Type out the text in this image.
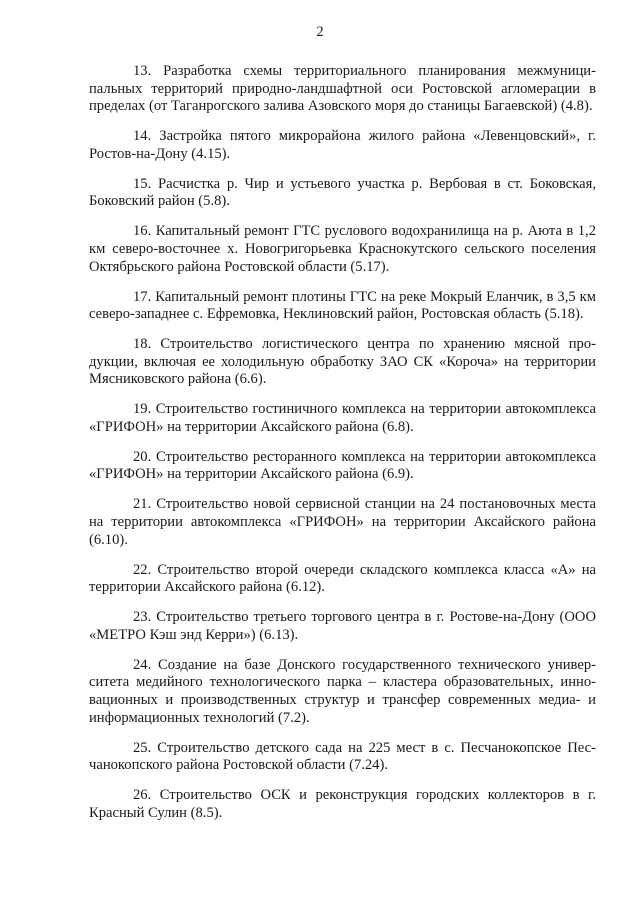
2

13. Разработка схемы территориального планирования межмуниципальных территорий природно-ландшафтной оси Ростовской агломерации в пределах (от Таганрогского залива Азовского моря до станицы Багаевской) (4.8).

14. Застройка пятого микрорайона жилого района «Левенцовский», г. Ростов-на-Дону (4.15).

15. Расчистка р. Чир и устьевого участка р. Вербовая в ст. Боковская, Боковский район (5.8).

16. Капитальный ремонт ГТС руслового водохранилища на р. Аюта в 1,2 км северо-восточнее х. Новогригорьевка Краснокутского сельского поселения Октябрьского района Ростовской области (5.17).

17. Капитальный ремонт плотины ГТС на реке Мокрый Еланчик, в 3,5 км северо-западнее с. Ефремовка, Неклиновский район, Ростовская область (5.18).

18. Строительство логистического центра по хранению мясной продукции, включая ее холодильную обработку ЗАО СК «Короча» на территории Мясниковского района (6.6).

19. Строительство гостиничного комплекса на территории автокомплекса «ГРИФОН» на территории Аксайского района (6.8).

20. Строительство ресторанного комплекса на территории автокомплекса «ГРИФОН» на территории Аксайского района (6.9).

21. Строительство новой сервисной станции на 24 постановочных места на территории автокомплекса «ГРИФОН» на территории Аксайского района (6.10).

22. Строительство второй очереди складского комплекса класса «А» на территории Аксайского района (6.12).

23. Строительство третьего торгового центра в г. Ростове-на-Дону (ООО «МЕТРО Кэш энд Керри») (6.13).

24. Создание на базе Донского государственного технического университета медийного технологического парка – кластера образовательных, инновационных и производственных структур и трансфер современных медиа- и информационных технологий (7.2).

25. Строительство детского сада на 225 мест в с. Песчанокопское Песчанокопского района Ростовской области (7.24).

26. Строительство ОСК и реконструкция городских коллекторов в г. Красный Сулин (8.5).
